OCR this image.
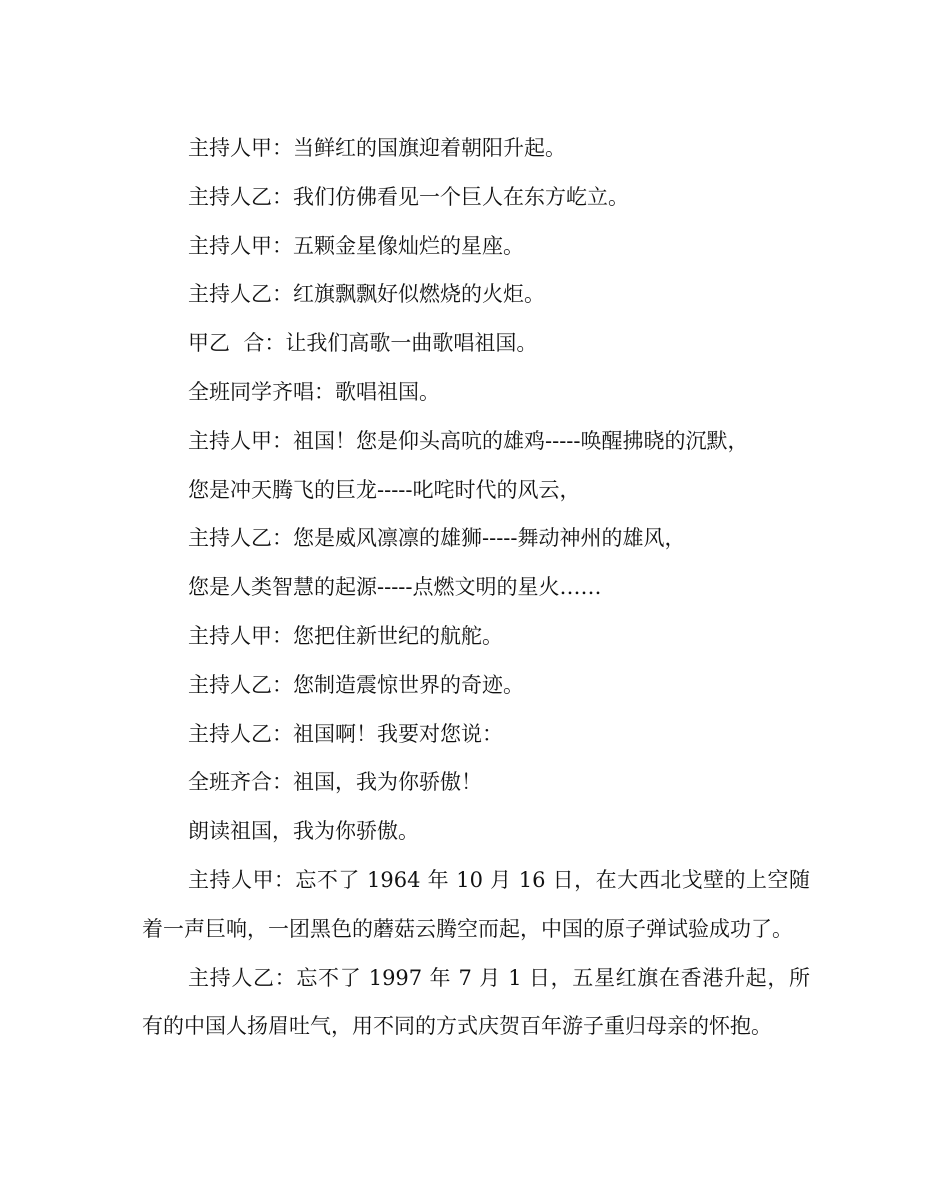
主持人甲：当鲜红的国旗迎着朝阳升起。

主持人乙：我们仿佛看见一个巨人在东方屹立。

主持人甲：五颗金星像灿烂的星座。

主持人乙：红旗飘飘好似燃烧的火炬。

甲乙  合：让我们高歌一曲歌唱祖国。

全班同学齐唱：歌唱祖国。

主持人甲：祖国！您是仰头高吭的雄鸡-----唤醒拂晓的沉默，

您是冲天腾飞的巨龙-----叱咤时代的风云，

主持人乙：您是威风凛凛的雄狮-----舞动神州的雄风，

您是人类智慧的起源-----点燃文明的星火……

主持人甲：您把住新世纪的航舵。

主持人乙：您制造震惊世界的奇迹。

主持人乙：祖国啊！我要对您说：

全班齐合：祖国，我为你骄傲！

朗读祖国，我为你骄傲。

主持人甲：忘不了 1964 年 10 月 16 日，在大西北戈壁的上空随着一声巨响，一团黑色的蘑菇云腾空而起，中国的原子弹试验成功了。

主持人乙：忘不了 1997 年 7 月 1 日，五星红旗在香港升起，所有的中国人扬眉吐气，用不同的方式庆贺百年游子重归母亲的怀抱。
